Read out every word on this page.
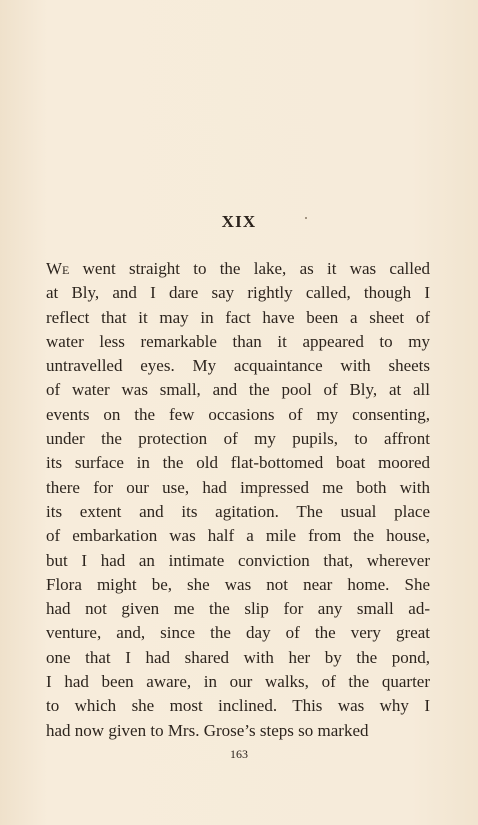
XIX
We went straight to the lake, as it was called
at Bly, and I dare say rightly called, though I
reflect that it may in fact have been a sheet of
water less remarkable than it appeared to my
untravelled eyes. My acquaintance with sheets
of water was small, and the pool of Bly, at all
events on the few occasions of my consenting,
under the protection of my pupils, to affront
its surface in the old flat-bottomed boat moored
there for our use, had impressed me both with
its extent and its agitation. The usual place
of embarkation was half a mile from the house,
but I had an intimate conviction that, wherever
Flora might be, she was not near home. She
had not given me the slip for any small ad-
venture, and, since the day of the very great
one that I had shared with her by the pond,
I had been aware, in our walks, of the quarter
to which she most inclined. This was why I
had now given to Mrs. Grose’s steps so marked
163
